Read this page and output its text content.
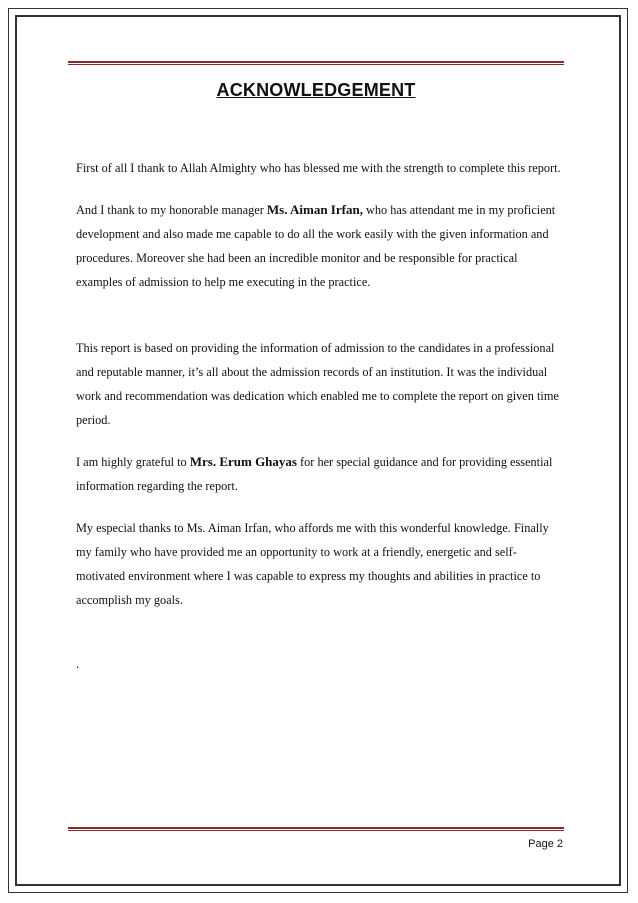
ACKNOWLEDGEMENT

First of all I thank to Allah Almighty who has blessed me with the strength to complete this report.

And I thank to my honorable manager Ms. Aiman Irfan, who has attendant me in my proficient development and also made me capable to do all the work easily with the given information and procedures. Moreover she had been an incredible monitor and be responsible for practical examples of admission to help me executing in the practice.

This report is based on providing the information of admission to the candidates in a professional and reputable manner, it’s all about the admission records of an institution. It was the individual work and recommendation was dedication which enabled me to complete the report on given time period.

I am highly grateful to Mrs. Erum Ghayas for her special guidance and for providing essential information regarding the report.

My especial thanks to Ms. Aiman Irfan, who affords me with this wonderful knowledge. Finally my family who have provided me an opportunity to work at a friendly, energetic and self-motivated environment where I was capable to express my thoughts and abilities in practice to accomplish my goals.

.
Page 2
